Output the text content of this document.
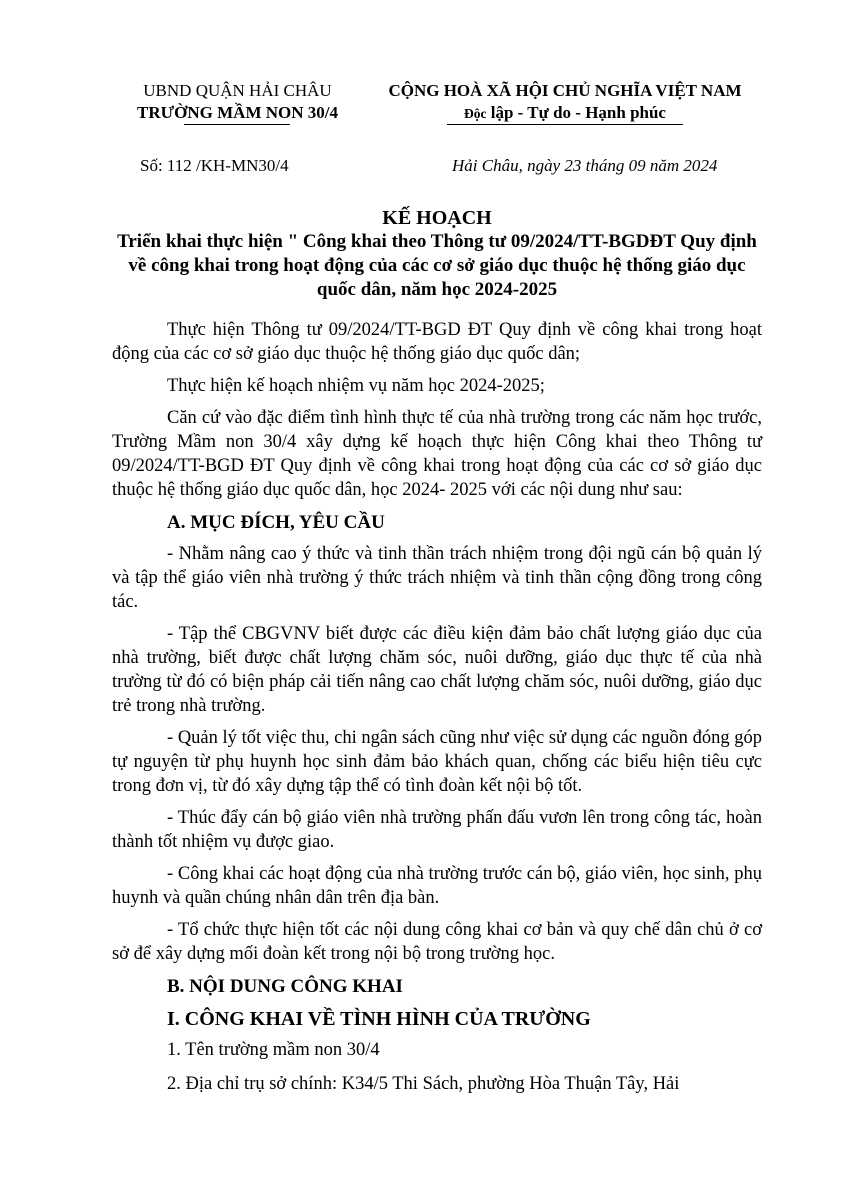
UBND QUẬN HẢI CHÂU
TRƯỜNG MẦM NON 30/4
CỘNG HOÀ XÃ HỘI CHỦ NGHĨA VIỆT NAM
Độc lập - Tự do - Hạnh phúc
Số: 112 /KH-MN30/4	Hải Châu, ngày 23 tháng 09 năm 2024
KẾ HOẠCH
Triển khai thực hiện " Công khai theo Thông tư 09/2024/TT-BGDĐT Quy định về công khai trong hoạt động của các cơ sở giáo dục thuộc hệ thống giáo dục quốc dân, năm học 2024-2025

Thực hiện Thông tư 09/2024/TT-BGD ĐT Quy định về công khai trong hoạt động của các cơ sở giáo dục thuộc hệ thống giáo dục quốc dân;

Thực hiện kế hoạch nhiệm vụ năm học 2024-2025;

Căn cứ vào đặc điểm tình hình thực tế của nhà trường trong các năm học trước, Trường Mầm non 30/4 xây dựng kế hoạch thực hiện Công khai theo Thông tư 09/2024/TT-BGD ĐT Quy định về công khai trong hoạt động của các cơ sở giáo dục thuộc hệ thống giáo dục quốc dân, học 2024- 2025 với các nội dung như sau:

A. MỤC ĐÍCH, YÊU CẦU

- Nhằm nâng cao ý thức và tinh thần trách nhiệm trong đội ngũ cán bộ quản lý và tập thể giáo viên nhà trường ý thức trách nhiệm và tinh thần cộng đồng trong công tác.

- Tập thể CBGVNV biết được các điều kiện đảm bảo chất lượng giáo dục của nhà trường, biết được chất lượng chăm sóc, nuôi dưỡng, giáo dục thực tế của nhà trường từ đó có biện pháp cải tiến nâng cao chất lượng chăm sóc, nuôi dưỡng, giáo dục trẻ trong nhà trường.

- Quản lý tốt việc thu, chi ngân sách cũng như việc sử dụng các nguồn đóng góp tự nguyện từ phụ huynh học sinh đảm bảo khách quan, chống các biểu hiện tiêu cực trong đơn vị, từ đó xây dựng tập thể có tình đoàn kết nội bộ tốt.

- Thúc đẩy cán bộ giáo viên nhà trường phấn đấu vươn lên trong công tác, hoàn thành tốt nhiệm vụ được giao.

- Công khai các hoạt động của nhà trường trước cán bộ, giáo viên, học sinh, phụ huynh và quần chúng nhân dân trên địa bàn.

- Tổ chức thực hiện tốt các nội dung công khai cơ bản và quy chế dân chủ ở cơ sở để xây dựng mối đoàn kết trong nội bộ trong trường học.

B. NỘI DUNG CÔNG KHAI
I. CÔNG KHAI VỀ TÌNH HÌNH CỦA TRƯỜNG
1. Tên trường mầm non 30/4
2. Địa chỉ trụ sở chính: K34/5 Thi Sách, phường Hòa Thuận Tây, Hải
